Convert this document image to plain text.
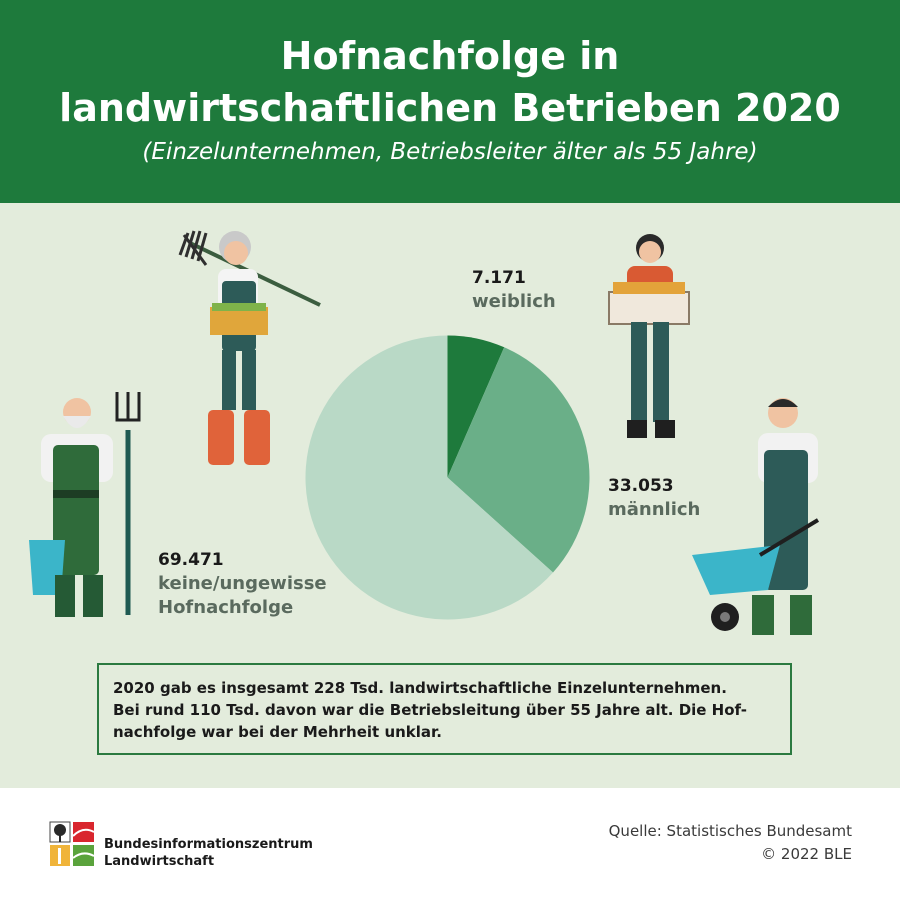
Hofnachfolge in
landwirtschaftlichen Betrieben 2020
(Einzelunternehmen, Betriebsleiter älter als 55 Jahre)
7.171
weiblich
33.053
männlich
69.471
keine/ungewisse
Hofnachfolge
2020 gab es insgesamt 228 Tsd. landwirtschaftliche Einzelunternehmen.
Bei rund 110 Tsd. davon war die Betriebsleitung über 55 Jahre alt. Die Hof-
nachfolge war bei der Mehrheit unklar.
Bundesinformationszentrum
Landwirtschaft
Quelle: Statistisches Bundesamt
© 2022 BLE
